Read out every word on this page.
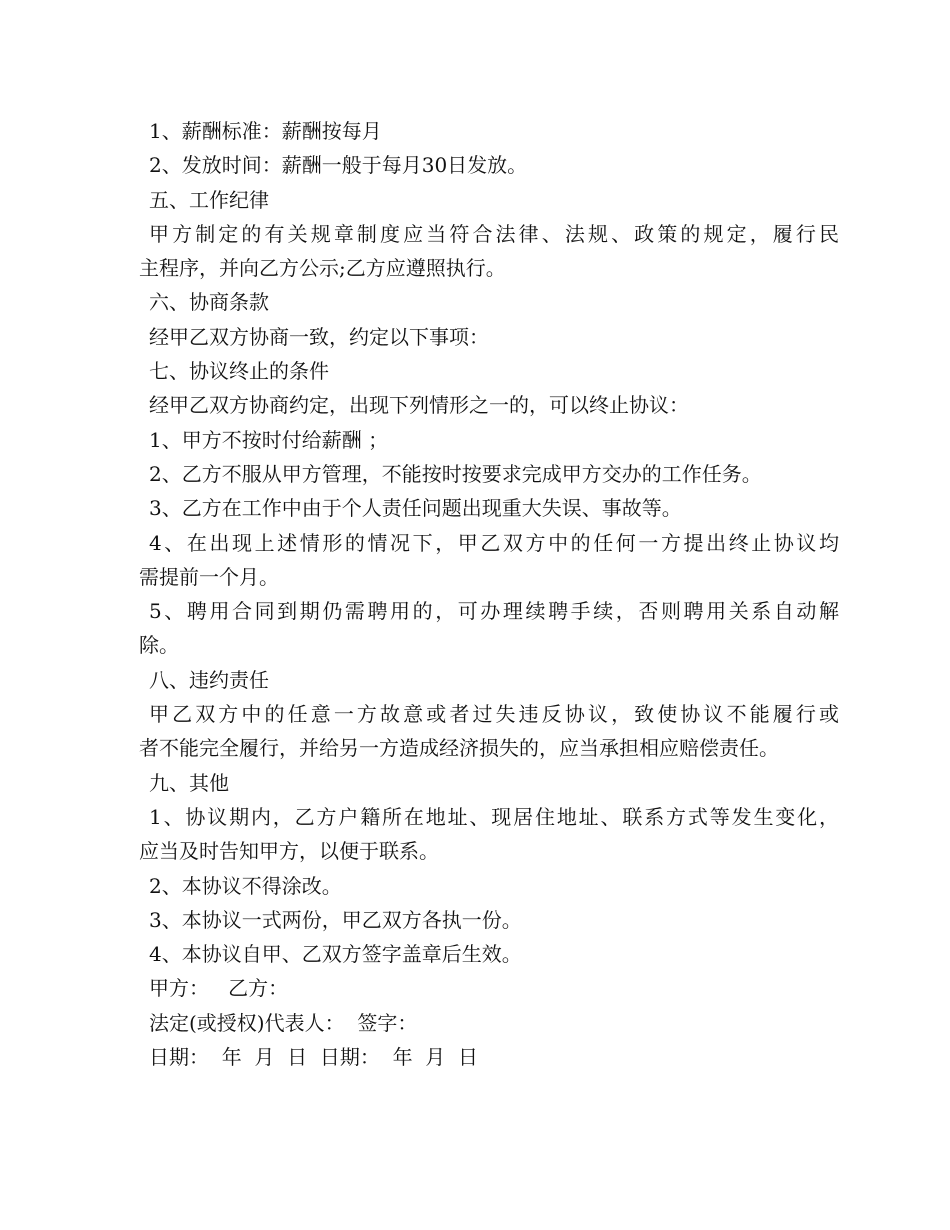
1、薪酬标准：薪酬按每月
2、发放时间：薪酬一般于每月30日发放。
五、工作纪律
甲方制定的有关规章制度应当符合法律、法规、政策的规定，履行民
主程序，并向乙方公示;乙方应遵照执行。
六、协商条款
经甲乙双方协商一致，约定以下事项：
七、协议终止的条件
经甲乙双方协商约定，出现下列情形之一的，可以终止协议：
1、甲方不按时付给薪酬 ；
2、乙方不服从甲方管理，不能按时按要求完成甲方交办的工作任务。
3、乙方在工作中由于个人责任问题出现重大失误、事故等。
4、在出现上述情形的情况下，甲乙双方中的任何一方提出终止协议均
需提前一个月。
5、聘用合同到期仍需聘用的，可办理续聘手续，否则聘用关系自动解
除。
八、违约责任
甲乙双方中的任意一方故意或者过失违反协议，致使协议不能履行或
者不能完全履行，并给另一方造成经济损失的，应当承担相应赔偿责任。
九、其他
1、协议期内，乙方户籍所在地址、现居住地址、联系方式等发生变化，
应当及时告知甲方，以便于联系。
2、本协议不得涂改。
3、本协议一式两份，甲乙双方各执一份。
4、本协议自甲、乙双方签字盖章后生效。
甲方：   乙方：
法定(或授权)代表人：  签字：
日期：  年  月  日  日期：  年  月  日
